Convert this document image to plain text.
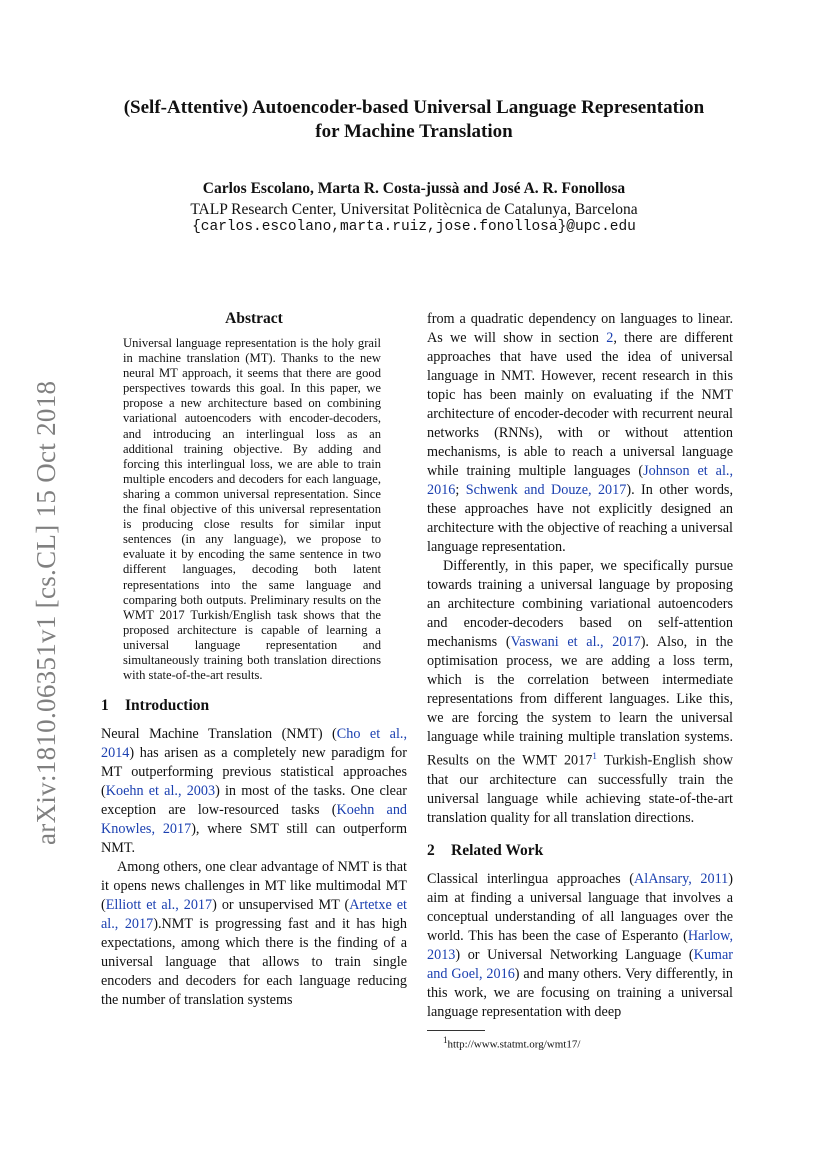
arXiv:1810.06351v1 [cs.CL] 15 Oct 2018
(Self-Attentive) Autoencoder-based Universal Language Representation
for Machine Translation
Carlos Escolano, Marta R. Costa-jussà and José A. R. Fonollosa
TALP Research Center, Universitat Politècnica de Catalunya, Barcelona
{carlos.escolano,marta.ruiz,jose.fonollosa}@upc.edu
Abstract
Universal language representation is the holy grail in machine translation (MT). Thanks to the new neural MT approach, it seems that there are good perspectives towards this goal. In this paper, we propose a new architecture based on combining variational autoencoders with encoder-decoders, and introducing an interlingual loss as an additional training objective. By adding and forcing this interlingual loss, we are able to train multiple encoders and decoders for each language, sharing a common universal representation. Since the final objective of this universal representation is producing close results for similar input sentences (in any language), we propose to evaluate it by encoding the same sentence in two different languages, decoding both latent representations into the same language and comparing both outputs. Preliminary results on the WMT 2017 Turkish/English task shows that the proposed architecture is capable of learning a universal language representation and simultaneously training both translation directions with state-of-the-art results.
1 Introduction

Neural Machine Translation (NMT) (Cho et al., 2014) has arisen as a completely new paradigm for MT outperforming previous statistical approaches (Koehn et al., 2003) in most of the tasks. One clear exception are low-resourced tasks (Koehn and Knowles, 2017), where SMT still can outperform NMT.

Among others, one clear advantage of NMT is that it opens news challenges in MT like multimodal MT (Elliott et al., 2017) or unsupervised MT (Artetxe et al., 2017).NMT is progressing fast and it has high expectations, among which there is the finding of a universal language that allows to train single encoders and decoders for each language reducing the number of translation systems

from a quadratic dependency on languages to linear. As we will show in section 2, there are different approaches that have used the idea of universal language in NMT. However, recent research in this topic has been mainly on evaluating if the NMT architecture of encoder-decoder with recurrent neural networks (RNNs), with or without attention mechanisms, is able to reach a universal language while training multiple languages (Johnson et al., 2016; Schwenk and Douze, 2017). In other words, these approaches have not explicitly designed an architecture with the objective of reaching a universal language representation.

Differently, in this paper, we specifically pursue towards training a universal language by proposing an architecture combining variational autoencoders and encoder-decoders based on self-attention mechanisms (Vaswani et al., 2017). Also, in the optimisation process, we are adding a loss term, which is the correlation between intermediate representations from different languages. Like this, we are forcing the system to learn the universal language while training multiple translation systems. Results on the WMT 2017$^1$ Turkish-English show that our architecture can successfully train the universal language while achieving state-of-the-art translation quality for all translation directions.

2 Related Work

Classical interlingua approaches (AlAnsary, 2011) aim at finding a universal language that involves a conceptual understanding of all languages over the world. This has been the case of Esperanto (Harlow, 2013) or Universal Networking Language (Kumar and Goel, 2016) and many others. Very differently, in this work, we are focusing on training a universal language representation with deep

$^1$http://www.statmt.org/wmt17/
